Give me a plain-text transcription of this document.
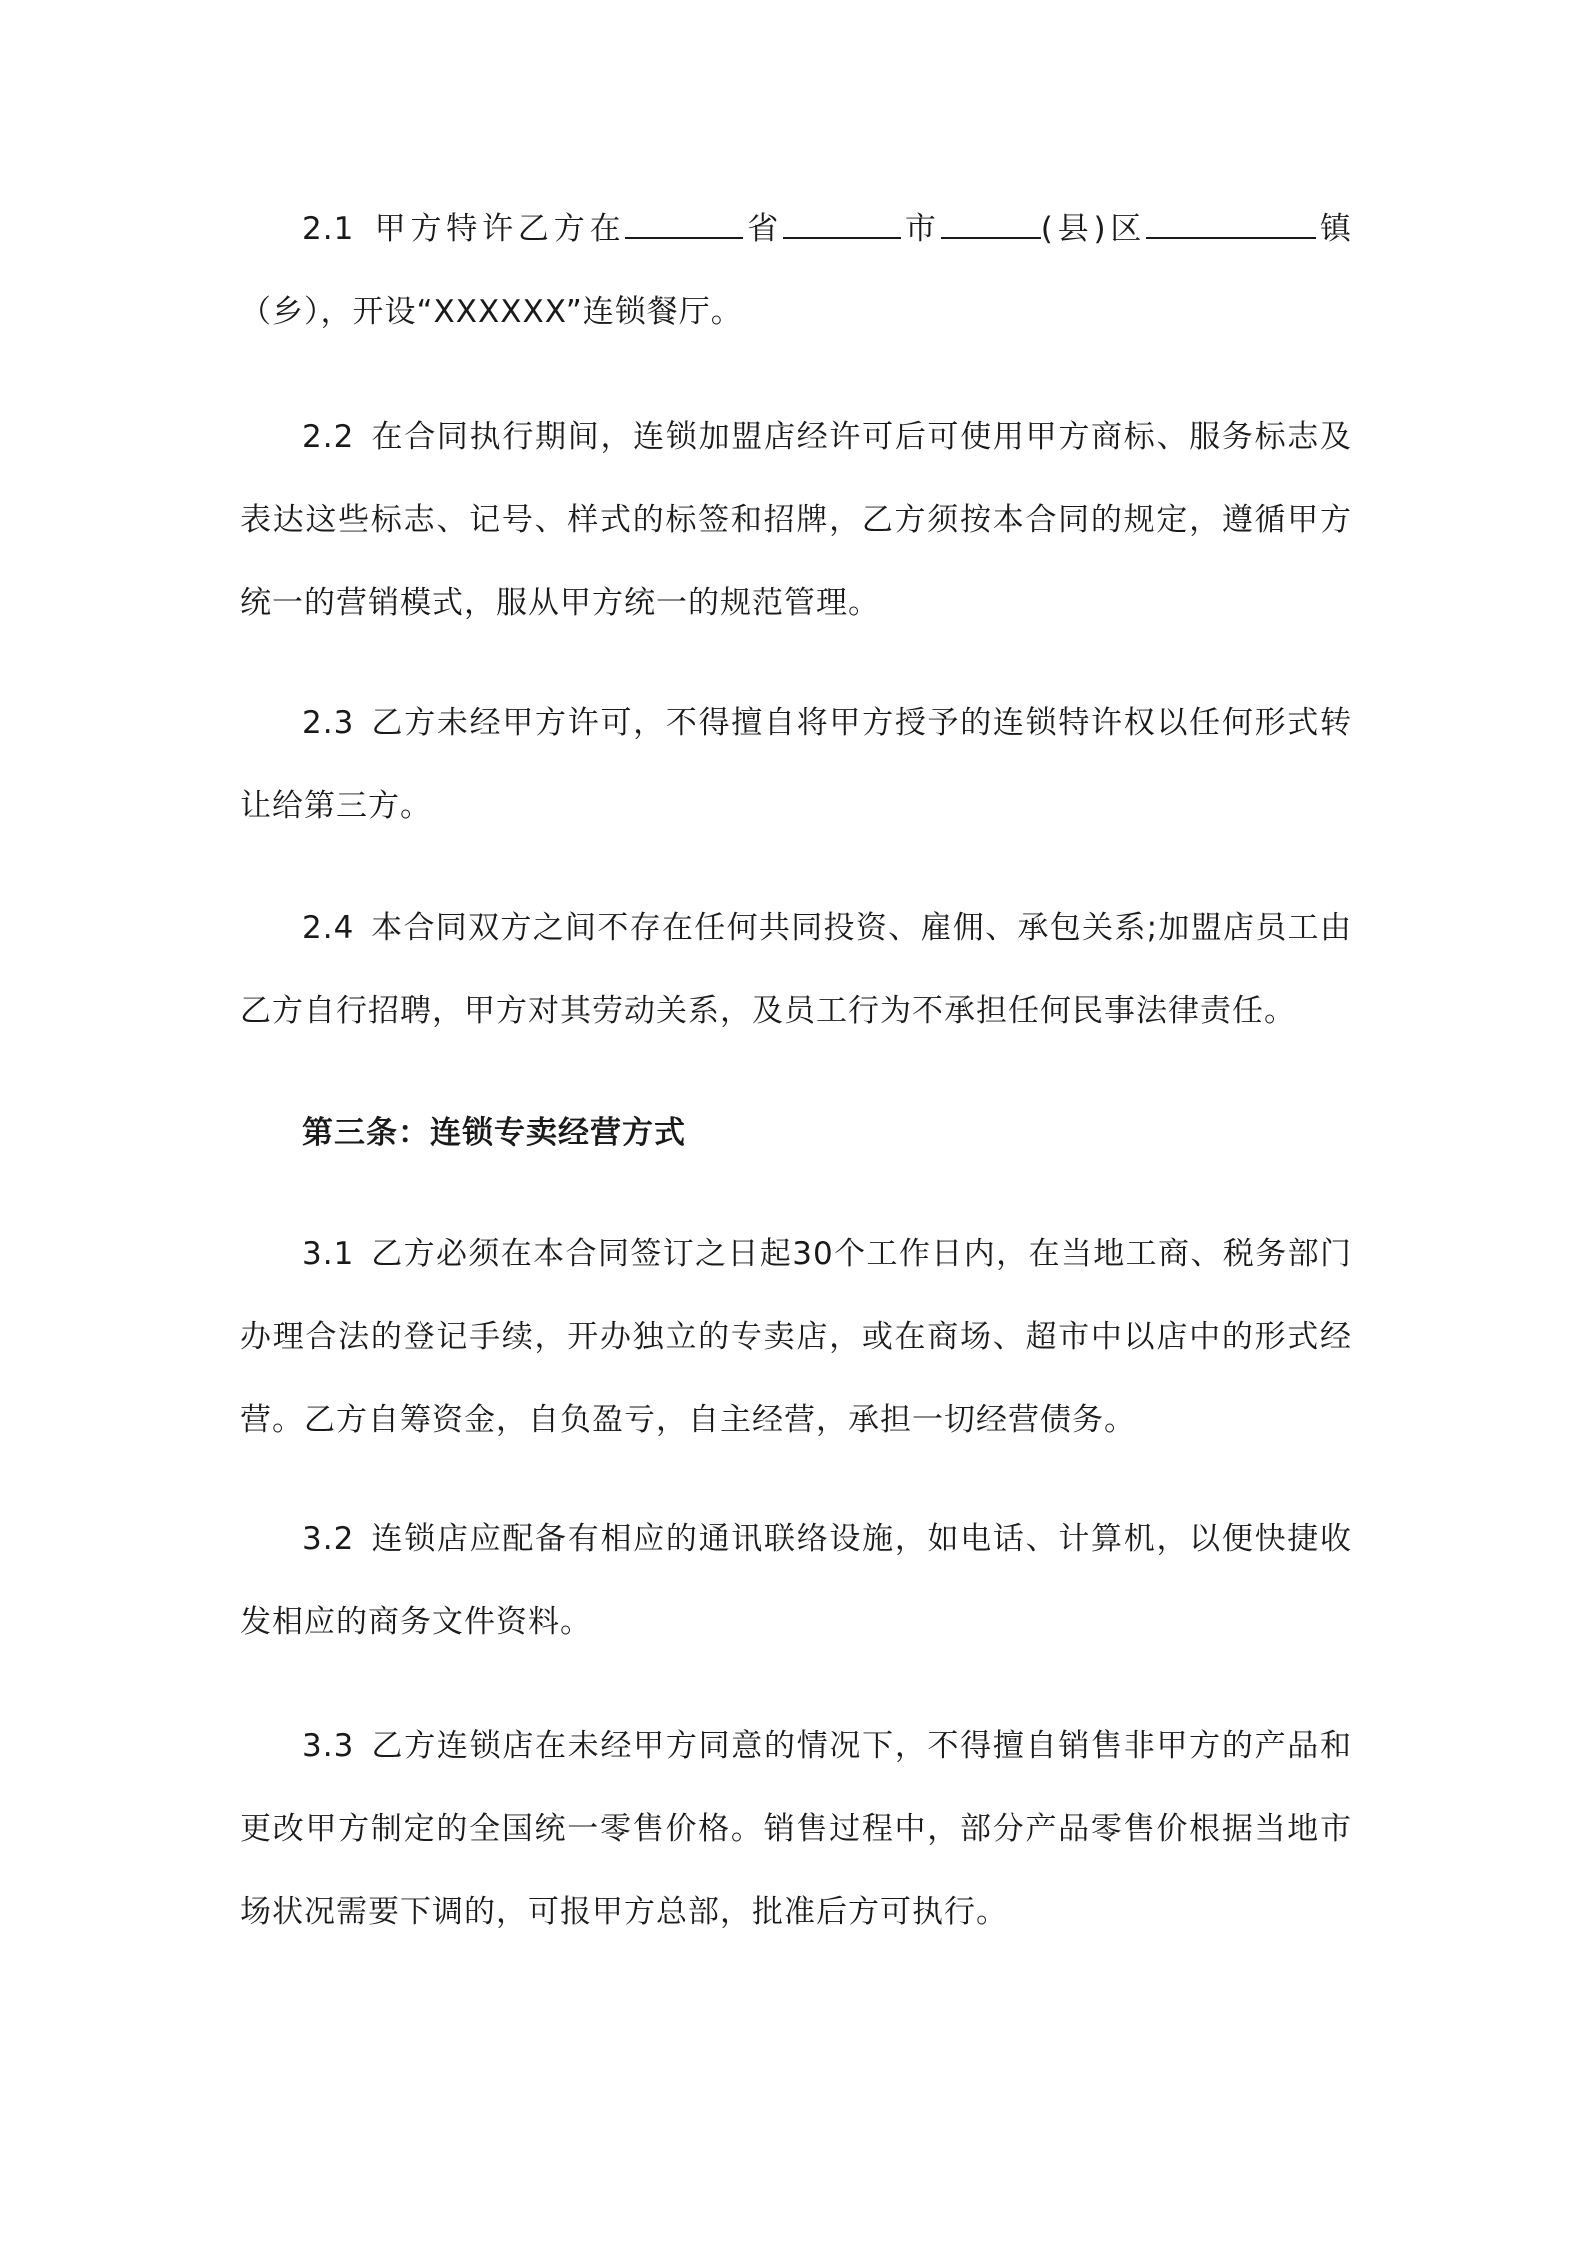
2.1  甲方特许乙方在	省	市	(县)区	镇（乡），开设“XXXXXX”连锁餐厅。

2.2  在合同执行期间，连锁加盟店经许可后可使用甲方商标、服务标志及表达这些标志、记号、样式的标签和招牌，乙方须按本合同的规定，遵循甲方统一的营销模式，服从甲方统一的规范管理。

2.3  乙方未经甲方许可，不得擅自将甲方授予的连锁特许权以任何形式转让给第三方。

2.4  本合同双方之间不存在任何共同投资、雇佣、承包关系;加盟店员工由乙方自行招聘，甲方对其劳动关系，及员工行为不承担任何民事法律责任。

第三条：连锁专卖经营方式

3.1  乙方必须在本合同签订之日起30个工作日内，在当地工商、税务部门办理合法的登记手续，开办独立的专卖店，或在商场、超市中以店中的形式经营。乙方自筹资金，自负盈亏，自主经营，承担一切经营债务。

3.2  连锁店应配备有相应的通讯联络设施，如电话、计算机，以便快捷收发相应的商务文件资料。

3.3  乙方连锁店在未经甲方同意的情况下，不得擅自销售非甲方的产品和更改甲方制定的全国统一零售价格。销售过程中，部分产品零售价根据当地市场状况需要下调的，可报甲方总部，批准后方可执行。
